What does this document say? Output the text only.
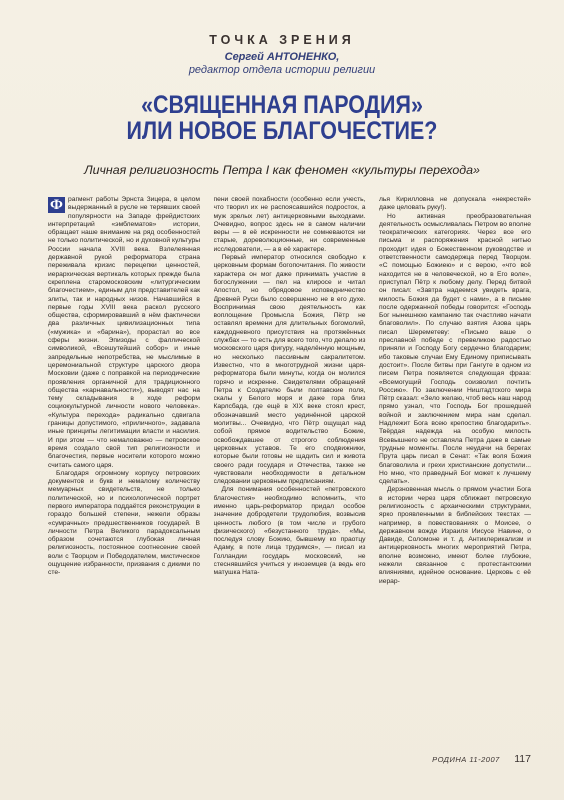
ТОЧКА ЗРЕНИЯ
Сергей АНТОНЕНКО,
редактор отдела истории религии
«СВЯЩЕННАЯ ПАРОДИЯ»
ИЛИ НОВОЕ БЛАГОЧЕСТИЕ?
Личная религиозность Петра I как феномен «культуры перехода»

Ф рагмент работы Эрнста Зицера, в целом выдержанный в русле не терявших своей популярности на Западе фрейдистских интерпретаций «эмблематов» истории, обращает наше внимание на ряд особенностей не только политической, но и духовной культуры России начала XVIII века. Взлелеянная державной рукой реформатора страна переживала кризис перецепки ценностей, иерархическая вертикаль которых прежде была скреплена старомосковским «литургическим благочестием», единым для представителей как элиты, так и народных низов. Начавшийся в первые годы XVIII века раскол русского общества, сформировавший в нём фактически два различных цивилизационных типа («мужика» и «барина»), прорастал во все сферы жизни. Эпизоды с фаллической символикой, «Всешутейший собор» и иные запредельные непотребства, не мыслимые в церемониальной структуре царского двора Московии (даже с поправкой на периодические проявления органичной для традиционного общества «карнавальности»), выводят нас на тему складывания в ходе реформ социокультурной личности нового человека». «Культура перехода» радикально сдвигала границы допустимого, «приличного», задавала иные принципы легитимации власти и насилия. И при этом — что немаловажно — петровское время создало свой тип религиозности и благочестия, первые носители которого можно считать самого царя.

Благодаря огромному корпусу петровских документов и букв и немалому количеству мемуарных свидетельств, не только политической, но и психологической портрет первого императора поддаётся реконструкции в гораздо большей степени, нежели образы «сумрачных» предшественников государей. В личности Петра Великого парадоксальным образом сочетаются глубокая личная религиозность, постоянное соотнесение своей воли с Творцом и Победодателем, мистическое ощущение избранности, призвания с дикими по сте-

пени своей похабности (особенно если учесть, что творил их не распоясавшийся подросток, а муж зрелых лет) антицерковными выходками. Очевидно, вопрос здесь не в самом наличии веры — в её искренности не сомневаются ни старые, дореволюционные, ни современные исследователи, — а в её характере.

Первый император относился свободно к церковным формам богопочитания. По живости характера он мог даже принимать участие в богослужении — пел на клиросе и читал Апостол, но обрядовое исповедничество Древней Руси было совершенно не в его духе. Воспринимая свою деятельность как воплощение Промысла Божия, Пётр не оставлял времени для длительных богомолий, каждодневного присутствия на протяжённых службах — то есть для всего того, что делало из московского царя фигуру, наделённую мощным, но несколько пассивным сакралитетом. Известно, что в многотрудной жизни царя-реформатора были минуты, когда он молился горячо и искренне. Свидетелями обращений Петра к Создателю были полтавские поля, скалы у Белого моря и даже гора близ Карлсбада, где ещё в XIX веке стоял крест, обозначавший место уединённой царской молитвы... Очевидно, что Пётр ощущал над собой прямое водительство Божие, освобождавшее от строгого соблюдения церковных уставов. Те его сподвижники, которые были готовы не щадить сил и живота своего ради государя и Отечества, также не чувствовали необходимости в детальном следовании церковным предписаниям.

Для понимания особенностей «петровского благочестия» необходимо вспомнить, что именно царь-реформатор придал особое значение добродетели трудолюбия, возвысив ценность любого (в том числе и грубого физического) «безустанного труда». «Мы, последуя слову Божию, бывшему ко праотцу Адаму, в поте лица трудимся», — писал из Голландии государь московский, не стеснявшийся учиться у иноземцев (а ведь его матушка Ната-

лья Кирилловна не допускала «некрестей» даже целовать руку!).

Но активная преобразовательная деятельность осмысливалась Петром во вполне теократических категориях. Через все его письма и распоряжения красной нитью проходит идея о Божественном руководстве и ответственности самодержца перед Творцом. «С помощью Божиею» и с верою, «что всё находится не в человеческой, но в Его воле», приступал Пётр к любому делу. Перед битвой он писал: «Завтра надеемся увидеть врага, милость Божия да будет с нами», а в письме после одержанной победы говорится: «Господь Бог нынешнюю кампанию так счастливо начати благоволил». По случаю взятия Азова царь писал Шереметеву: «Письмо ваше о преславной победе с превеликою радостью приняли и Господу Богу сердечно благодарим; ибо таковые случаи Ему Единому приписывать достоит». После битвы при Гангуте в одном из писем Петра появляется следующая фраза: «Всемогущий Господь соизволил почтить Россию». По заключении Ништадтского мира Пётр сказал: «Зело желаю, чтоб весь наш народ прямо узнал, что Господь Бог прошедшей войной и заключением мира нам сделал. Надлежит Бога всею крепостию благодарить». Твёрдая надежда на особую милость Всевышнего не оставляла Петра даже в самые трудные моменты. После неудачи на берегах Прута царь писал в Сенат: «Так воля Божия благоволила и грехи христианские допустили... Но мню, что праведный Бог может к лучшему сделать».

Дерзновенная мысль о прямом участии Бога в истории через царя сближает петровскую религиозность с архаическими структурами, ярко проявленными в библейских текстах — например, в повествованиях о Моисее, о державном вождe Израиля Иисусе Навине, о Давиде, Соломоне и т. д. Антиклерикализм и антицерковность многих мероприятий Петра, вполне возможно, имеют более глубокие, нежели связанное с протестантскими влияниями, идейное основание. Церковь с её иерар-

РОДИНА 11-2007 117
